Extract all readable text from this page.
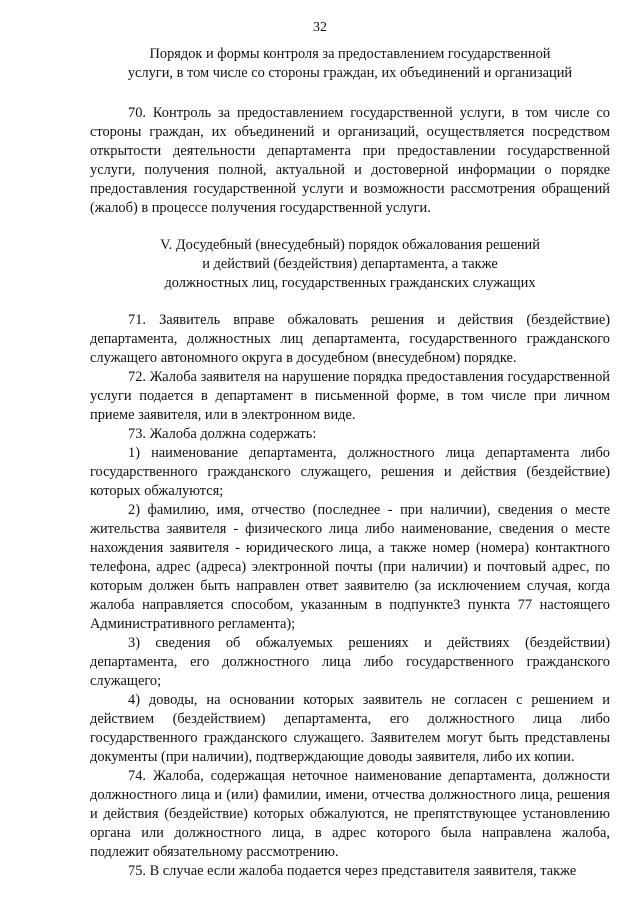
32
Порядок и формы контроля за предоставлением государственной
услуги, в том числе со стороны граждан, их объединений и организаций

70. Контроль за предоставлением государственной услуги, в том числе со стороны граждан, их объединений и организаций, осуществляется посредством открытости деятельности департамента при предоставлении государственной услуги, получения полной, актуальной и достоверной информации о порядке предоставления государственной услуги и возможности рассмотрения обращений (жалоб) в процессе получения государственной услуги.

V. Досудебный (внесудебный) порядок обжалования решений
и действий (бездействия) департамента, а также
должностных лиц, государственных гражданских служащих

71. Заявитель вправе обжаловать решения и действия (бездействие) департамента, должностных лиц департамента, государственного гражданского служащего автономного округа в досудебном (внесудебном) порядке.

72. Жалоба заявителя на нарушение порядка предоставления государственной услуги подается в департамент в письменной форме, в том числе при личном приеме заявителя, или в электронном виде.

73. Жалоба должна содержать:

1) наименование департамента, должностного лица департамента либо государственного гражданского служащего, решения и действия (бездействие) которых обжалуются;

2) фамилию, имя, отчество (последнее - при наличии), сведения о месте жительства заявителя - физического лица либо наименование, сведения о месте нахождения заявителя - юридического лица, а также номер (номера) контактного телефона, адрес (адреса) электронной почты (при наличии) и почтовый адрес, по которым должен быть направлен ответ заявителю (за исключением случая, когда жалоба направляется способом, указанным в подпункте3 пункта 77 настоящего Административного регламента);

3) сведения об обжалуемых решениях и действиях (бездействии) департамента, его должностного лица либо государственного гражданского служащего;

4) доводы, на основании которых заявитель не согласен с решением и действием (бездействием) департамента, его должностного лица либо государственного гражданского служащего. Заявителем могут быть представлены документы (при наличии), подтверждающие доводы заявителя, либо их копии.

74. Жалоба, содержащая неточное наименование департамента, должности должностного лица и (или) фамилии, имени, отчества должностного лица, решения и действия (бездействие) которых обжалуются, не препятствующее установлению органа или должностного лица, в адрес которого была направлена жалоба, подлежит обязательному рассмотрению.

75. В случае если жалоба подается через представителя заявителя, также
